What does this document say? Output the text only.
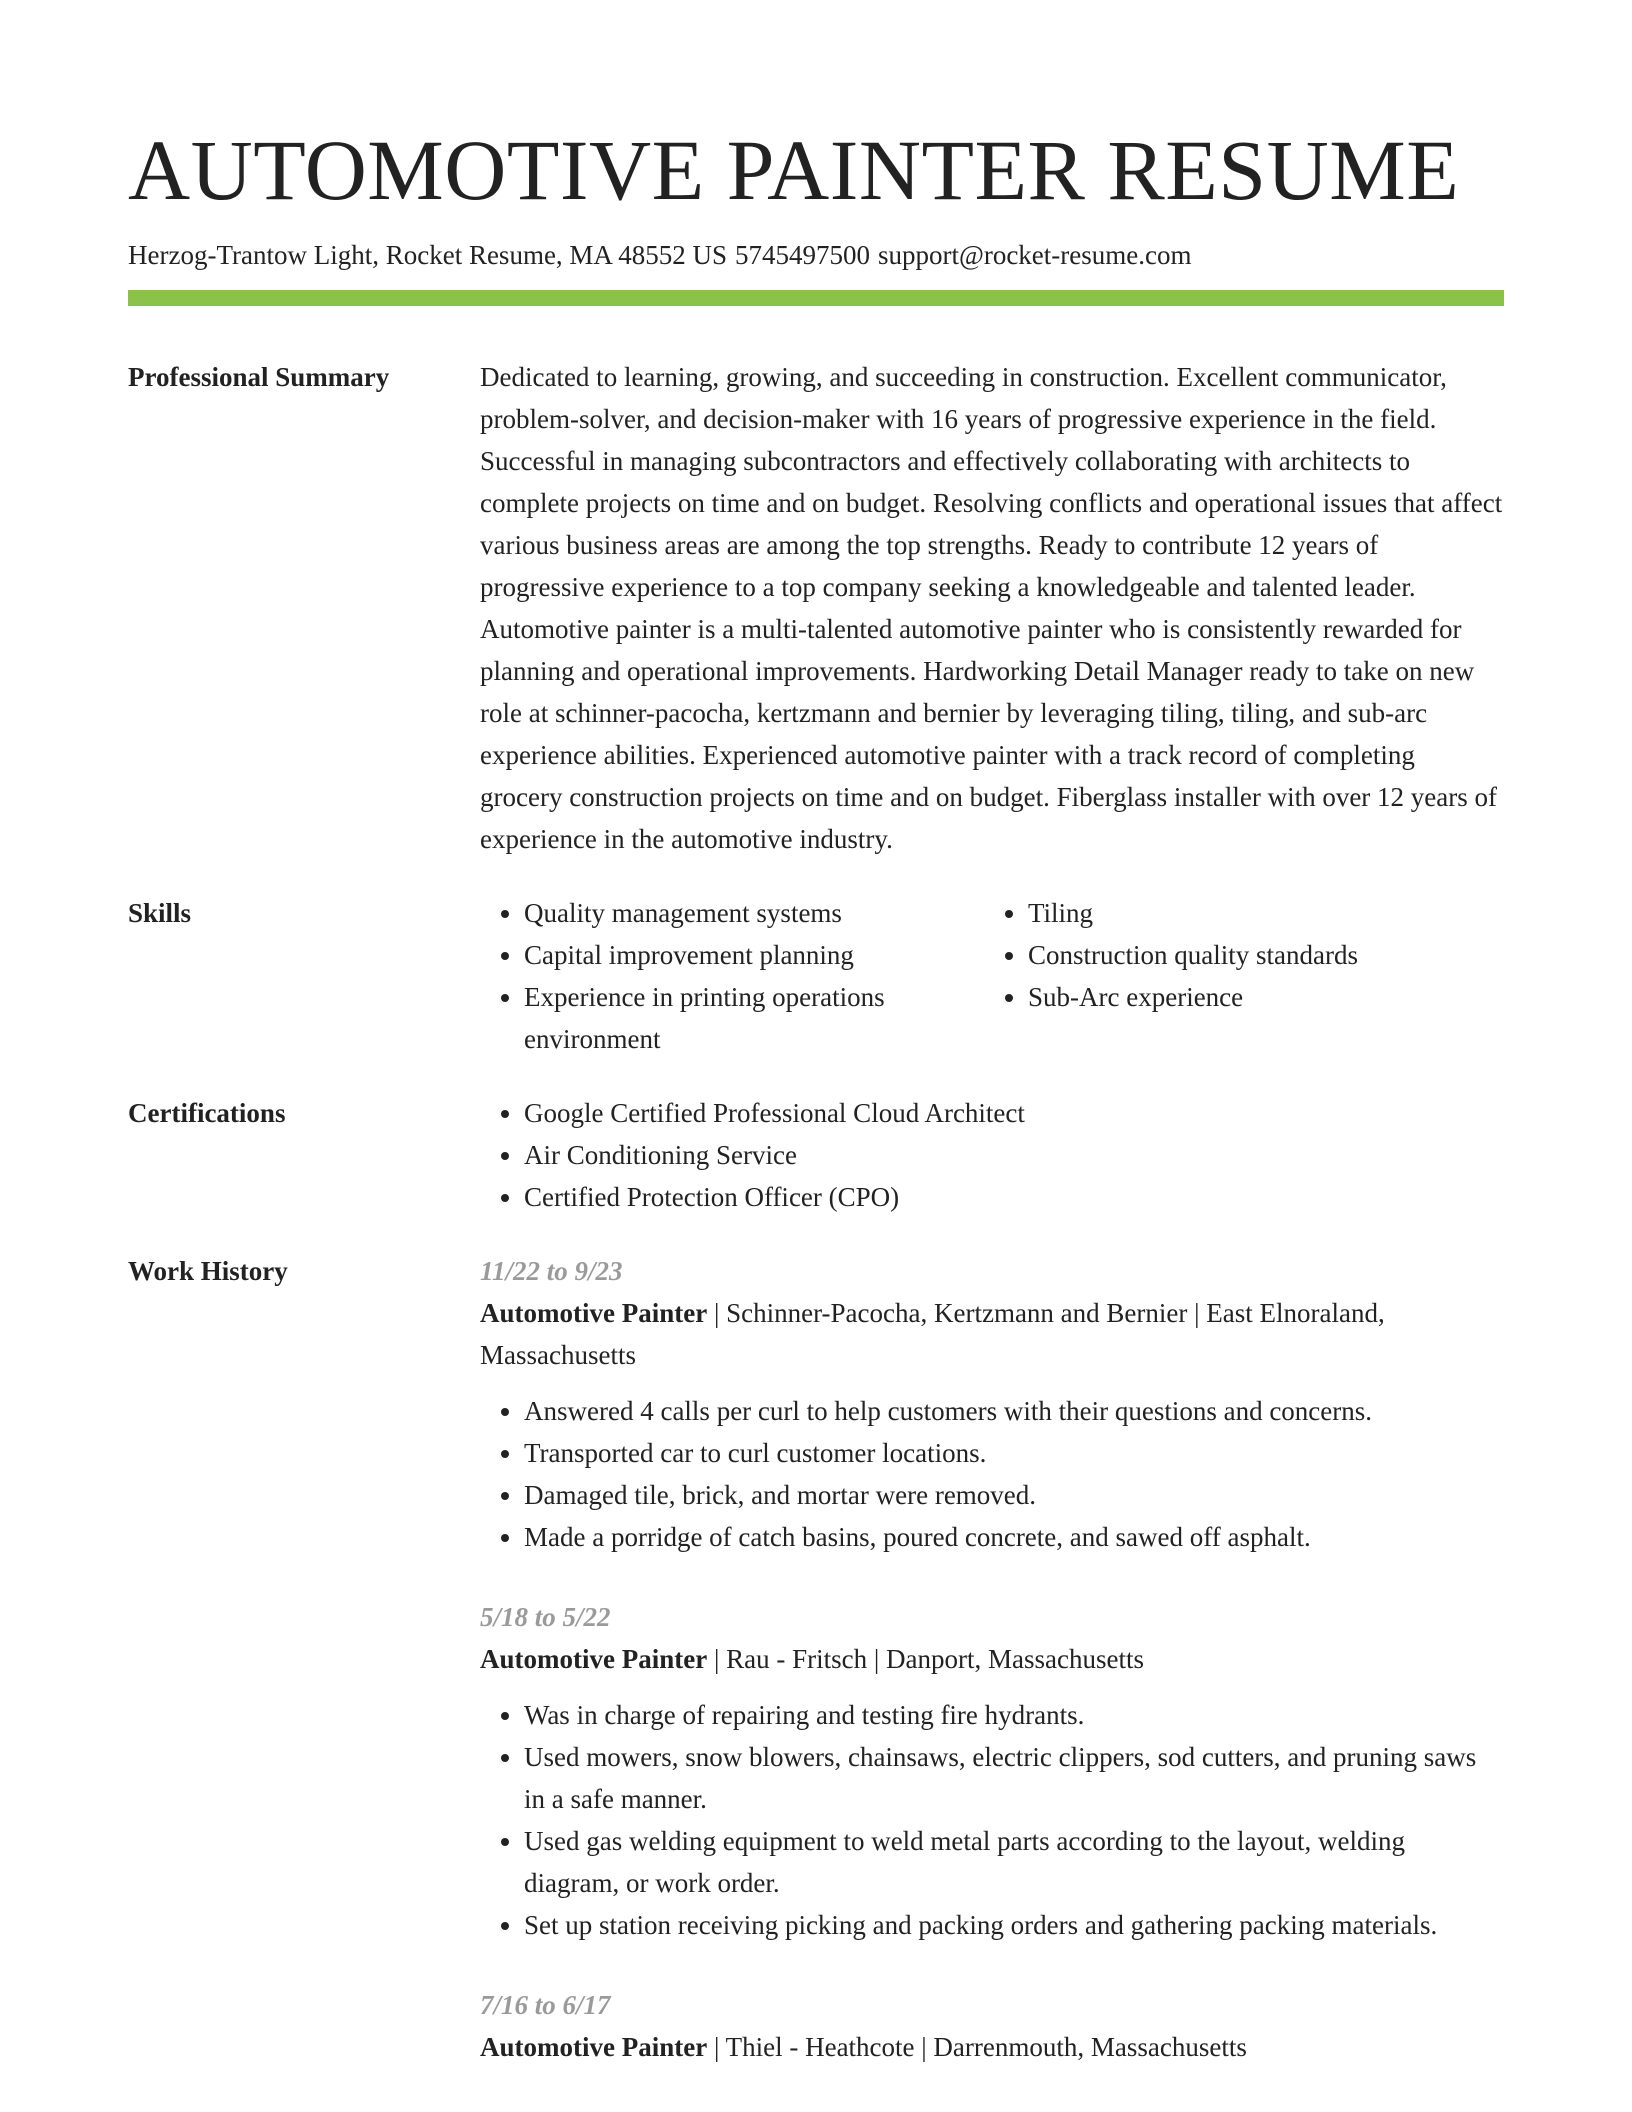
AUTOMOTIVE PAINTER RESUME
Herzog-Trantow Light, Rocket Resume, MA 48552 US 5745497500 support@rocket-resume.com
Professional Summary	Dedicated to learning, growing, and succeeding in construction. Excellent communicator, problem-solver, and decision-maker with 16 years of progressive experience in the field. Successful in managing subcontractors and effectively collaborating with architects to complete projects on time and on budget. Resolving conflicts and operational issues that affect various business areas are among the top strengths. Ready to contribute 12 years of progressive experience to a top company seeking a knowledgeable and talented leader. Automotive painter is a multi-talented automotive painter who is consistently rewarded for planning and operational improvements. Hardworking Detail Manager ready to take on new role at schinner-pacocha, kertzmann and bernier by leveraging tiling, tiling, and sub-arc experience abilities. Experienced automotive painter with a track record of completing grocery construction projects on time and on budget. Fiberglass installer with over 12 years of experience in the automotive industry.
Skills	• Quality management systems
• Capital improvement planning
• Experience in printing operations environment
• Tiling
• Construction quality standards
• Sub-Arc experience
Certifications	• Google Certified Professional Cloud Architect
• Air Conditioning Service
• Certified Protection Officer (CPO)
Work History	11/22 to 9/23
Automotive Painter | Schinner-Pacocha, Kertzmann and Bernier | East Elnoraland, Massachusetts
• Answered 4 calls per curl to help customers with their questions and concerns.
• Transported car to curl customer locations.
• Damaged tile, brick, and mortar were removed.
• Made a porridge of catch basins, poured concrete, and sawed off asphalt.
5/18 to 5/22
Automotive Painter | Rau - Fritsch | Danport, Massachusetts
• Was in charge of repairing and testing fire hydrants.
• Used mowers, snow blowers, chainsaws, electric clippers, sod cutters, and pruning saws in a safe manner.
• Used gas welding equipment to weld metal parts according to the layout, welding diagram, or work order.
• Set up station receiving picking and packing orders and gathering packing materials.
7/16 to 6/17
Automotive Painter | Thiel - Heathcote | Darrenmouth, Massachusetts
